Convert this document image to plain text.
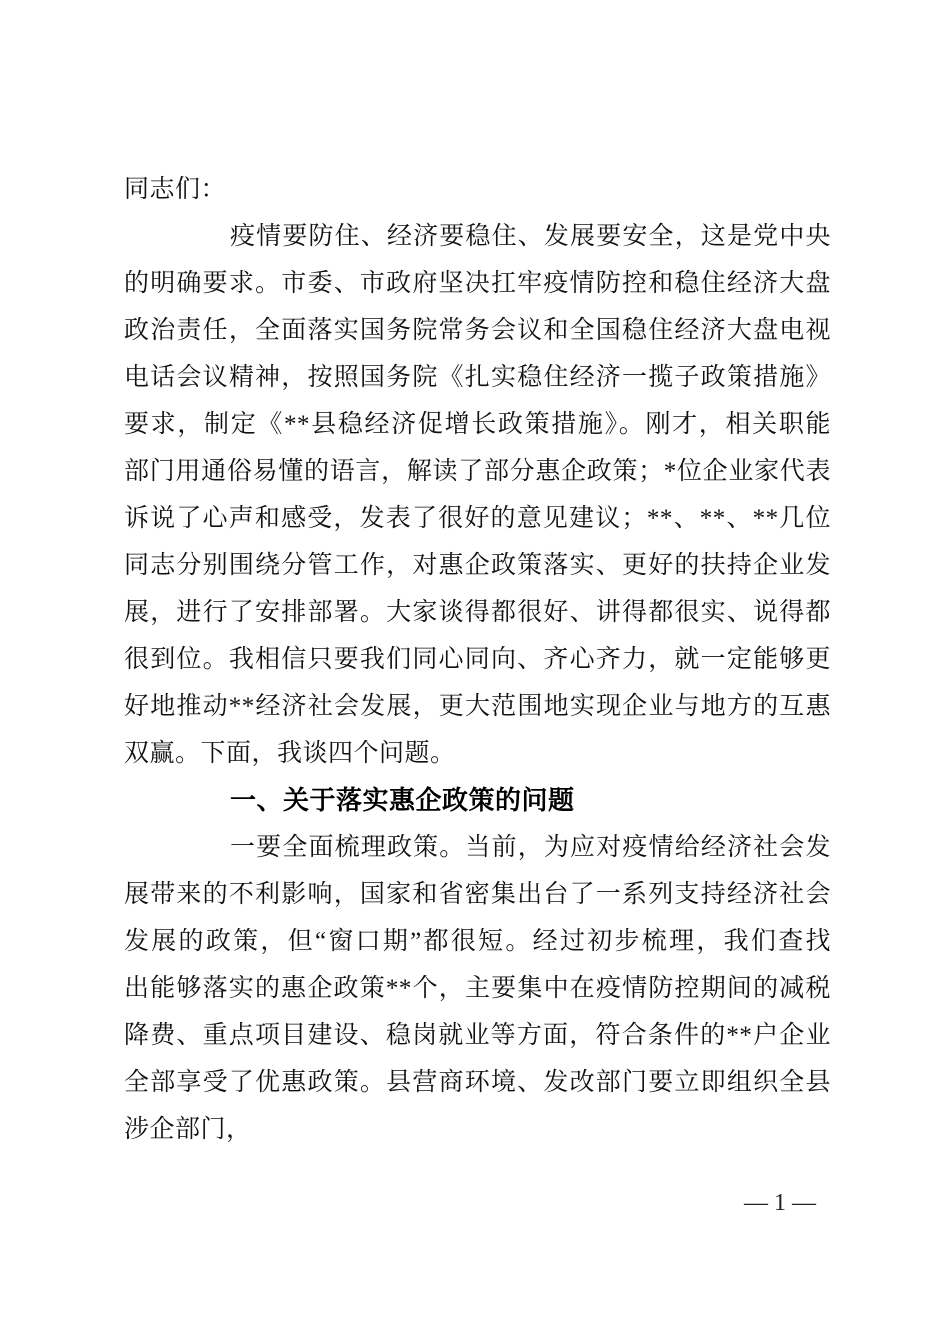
同志们：
疫情要防住、经济要稳住、发展要安全，这是党中央
的明确要求。市委、市政府坚决扛牢疫情防控和稳住经济大盘
政治责任，全面落实国务院常务会议和全国稳住经济大盘电视
电话会议精神，按照国务院《扎实稳住经济一揽子政策措施》
要求，制定《**县稳经济促增长政策措施》。刚才，相关职能
部门用通俗易懂的语言，解读了部分惠企政策；*位企业家代表
诉说了心声和感受，发表了很好的意见建议；**、**、**几位
同志分别围绕分管工作，对惠企政策落实、更好的扶持企业发
展，进行了安排部署。大家谈得都很好、讲得都很实、说得都
很到位。我相信只要我们同心同向、齐心齐力，就一定能够更
好地推动**经济社会发展，更大范围地实现企业与地方的互惠
双赢。下面，我谈四个问题。
一、关于落实惠企政策的问题
一要全面梳理政策。当前，为应对疫情给经济社会发
展带来的不利影响，国家和省密集出台了一系列支持经济社会
发展的政策，但“窗口期”都很短。经过初步梳理，我们查找
出能够落实的惠企政策**个，主要集中在疫情防控期间的减税
降费、重点项目建设、稳岗就业等方面，符合条件的**户企业
全部享受了优惠政策。县营商环境、发改部门要立即组织全县
涉企部门，
— 1 —
